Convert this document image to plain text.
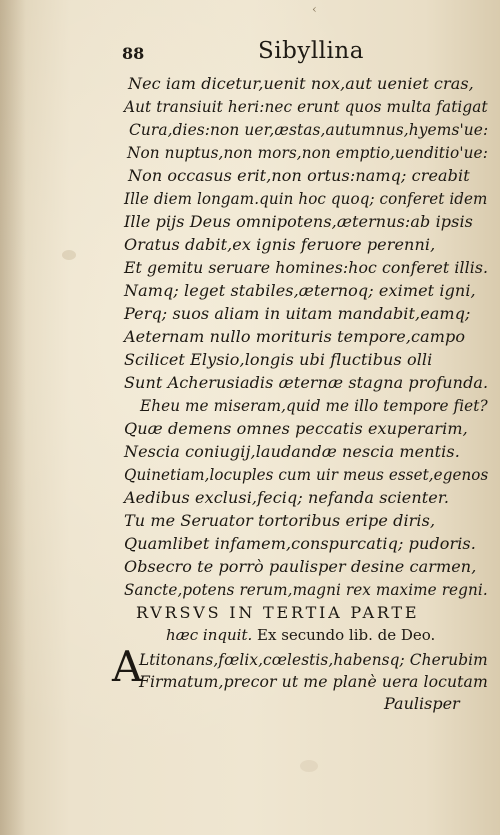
‹
88	Sibyllina
Nec iam dicetur,uenit nox,aut ueniet cras,
Aut transiuit heri:nec erunt quos multa fatigat
Cura,dies:non uer,æstas,autumnus,hyems'ue:
Non nuptus,non mors,non emptio,uenditio'ue:
Non occasus erit,non ortus:namq; creabit
Ille diem longam.quin hoc quoq; conferet idem
Ille pijs Deus omnipotens,æternus:ab ipsis
Oratus dabit,ex ignis feruore perenni,
Et gemitu seruare homines:hoc conferet illis.
Namq; leget stabiles,æternoq; eximet igni,
Perq; suos aliam in uitam mandabit,eamq;
Aeternam nullo morituris tempore,campo
Scilicet Elysio,longis ubi fluctibus olli
Sunt Acherusiadis æternæ stagna profunda.
Eheu me miseram,quid me illo tempore fiet?
Quæ demens omnes peccatis exuperarim,
Nescia coniugij,laudandæ nescia mentis.
Quinetiam,locuples cum uir meus esset,egenos
Aedibus exclusi,feciq; nefanda scienter.
Tu me Seruator tortoribus eripe diris,
Quamlibet infamem,conspurcatiq; pudoris.
Obsecro te porrò paulisper desine carmen,
Sancte,potens rerum,magni rex maxime regni.
RVRSVS IN TERTIA PARTE
hæc inquit. Ex secundo lib. de Deo.
A
Ltitonans,fœlix,cœlestis,habensq; Cherubim
Firmatum,precor ut me planè uera locutam
Paulisper
